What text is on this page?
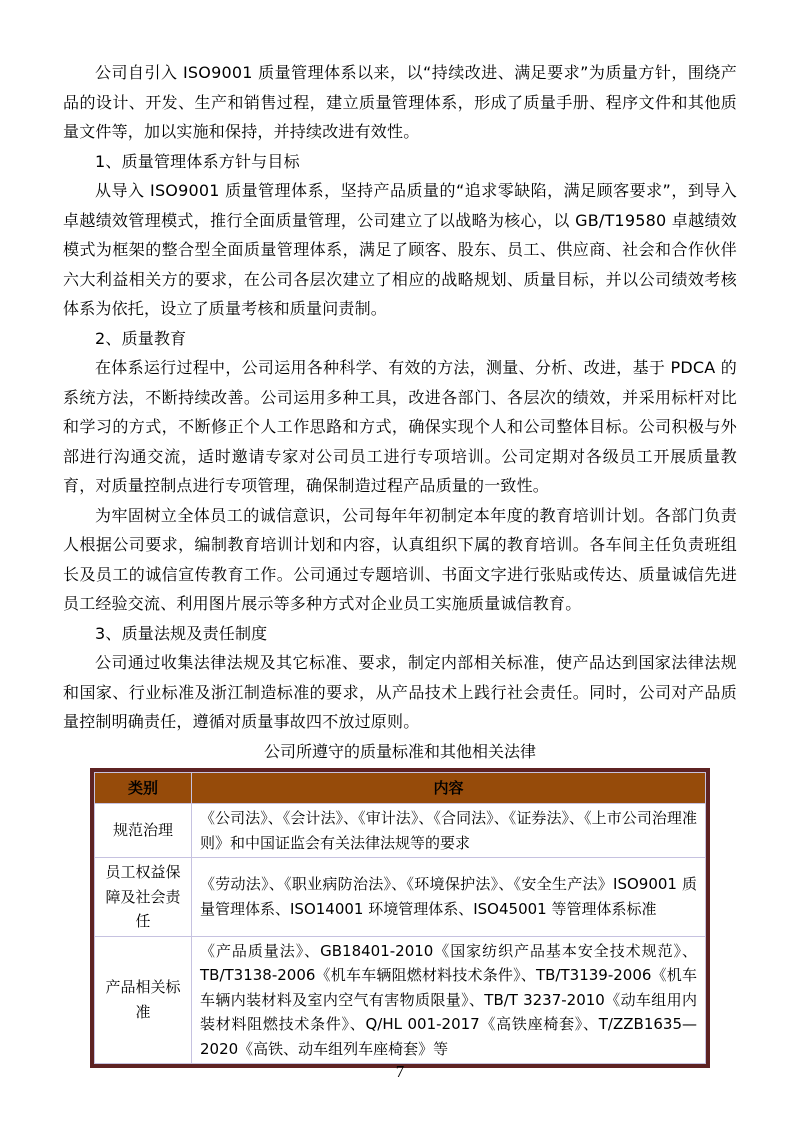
公司自引入 ISO9001 质量管理体系以来，以“持续改进、满足要求”为质量方针，围绕产品的设计、开发、生产和销售过程，建立质量管理体系，形成了质量手册、程序文件和其他质量文件等，加以实施和保持，并持续改进有效性。

1、质量管理体系方针与目标

从导入 ISO9001 质量管理体系，坚持产品质量的“追求零缺陷，满足顾客要求”，到导入卓越绩效管理模式，推行全面质量管理，公司建立了以战略为核心，以 GB/T19580 卓越绩效模式为框架的整合型全面质量管理体系，满足了顾客、股东、员工、供应商、社会和合作伙伴六大利益相关方的要求，在公司各层次建立了相应的战略规划、质量目标，并以公司绩效考核体系为依托，设立了质量考核和质量问责制。

2、质量教育

在体系运行过程中，公司运用各种科学、有效的方法，测量、分析、改进，基于 PDCA 的系统方法，不断持续改善。公司运用多种工具，改进各部门、各层次的绩效，并采用标杆对比和学习的方式，不断修正个人工作思路和方式，确保实现个人和公司整体目标。公司积极与外部进行沟通交流，适时邀请专家对公司员工进行专项培训。公司定期对各级员工开展质量教育，对质量控制点进行专项管理，确保制造过程产品质量的一致性。

为牢固树立全体员工的诚信意识，公司每年年初制定本年度的教育培训计划。各部门负责人根据公司要求，编制教育培训计划和内容，认真组织下属的教育培训。各车间主任负责班组长及员工的诚信宣传教育工作。公司通过专题培训、书面文字进行张贴或传达、质量诚信先进员工经验交流、利用图片展示等多种方式对企业员工实施质量诚信教育。

3、质量法规及责任制度

公司通过收集法律法规及其它标准、要求，制定内部相关标准，使产品达到国家法律法规和国家、行业标准及浙江制造标准的要求，从产品技术上践行社会责任。同时，公司对产品质量控制明确责任，遵循对质量事故四不放过原则。

公司所遵守的质量标准和其他相关法律

类别	内容
规范治理	《公司法》、《会计法》、《审计法》、《合同法》、《证券法》、《上市公司治理准则》和中国证监会有关法律法规等的要求
员工权益保障及社会责任	《劳动法》、《职业病防治法》、《环境保护法》、《安全生产法》ISO9001 质量管理体系、ISO14001 环境管理体系、ISO45001 等管理体系标准
产品相关标准	《产品质量法》、GB18401-2010《国家纺织产品基本安全技术规范》、TB/T3138-2006《机车车辆阻燃材料技术条件》、TB/T3139-2006《机车车辆内装材料及室内空气有害物质限量》、TB/T 3237-2010《动车组用内装材料阻燃技术条件》、Q/HL 001-2017《高铁座椅套》、T/ZZB1635—2020《高铁、动车组列车座椅套》等
7
